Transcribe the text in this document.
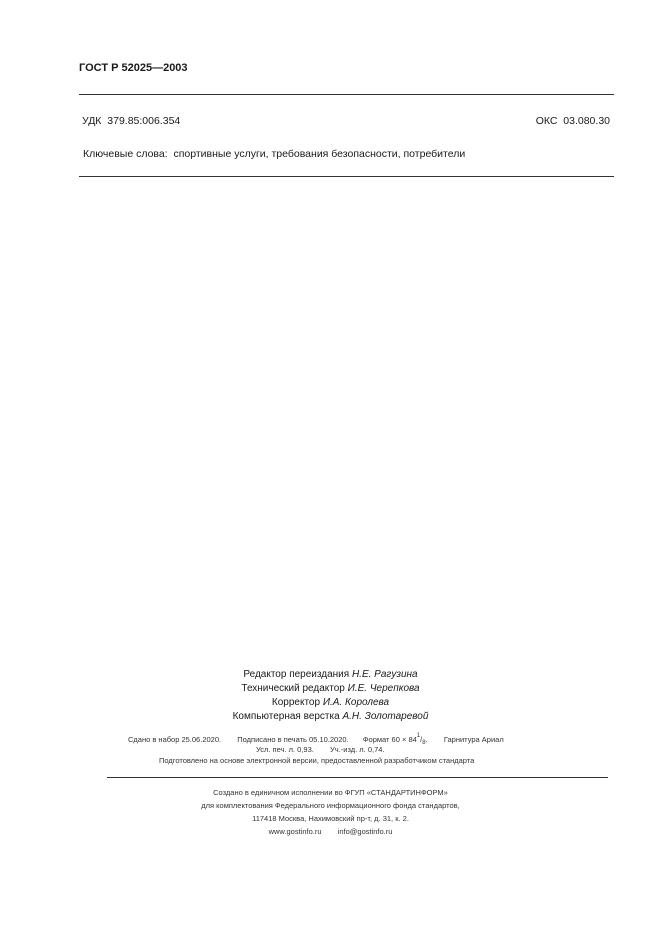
ГОСТ Р 52025—2003
УДК  379.85:006.354	ОКС  03.080.30
Ключевые слова:  спортивные услуги, требования безопасности, потребители
Редактор переиздания Н.Е. Рагузина
Технический редактор И.Е. Черепкова
Корректор И.А. Королева
Компьютерная верстка А.Н. Золотаревой
Сдано в набор 25.06.2020. Подписано в печать 05.10.2020. Формат $60 \times 84^1/_8$. Гарнитура Ариал
Усл. печ. л. 0,93. Уч.-изд. л. 0,74.
Подготовлено на основе электронной версии, предоставленной разработчиком стандарта
Создано в единичном исполнении во ФГУП «СТАНДАРТИНФОРМ»
для комплектования Федерального информационного фонда стандартов,
117418 Москва, Нахимовский пр-т, д. 31, к. 2.
www.gostinfo.ru info@gostinfo.ru
